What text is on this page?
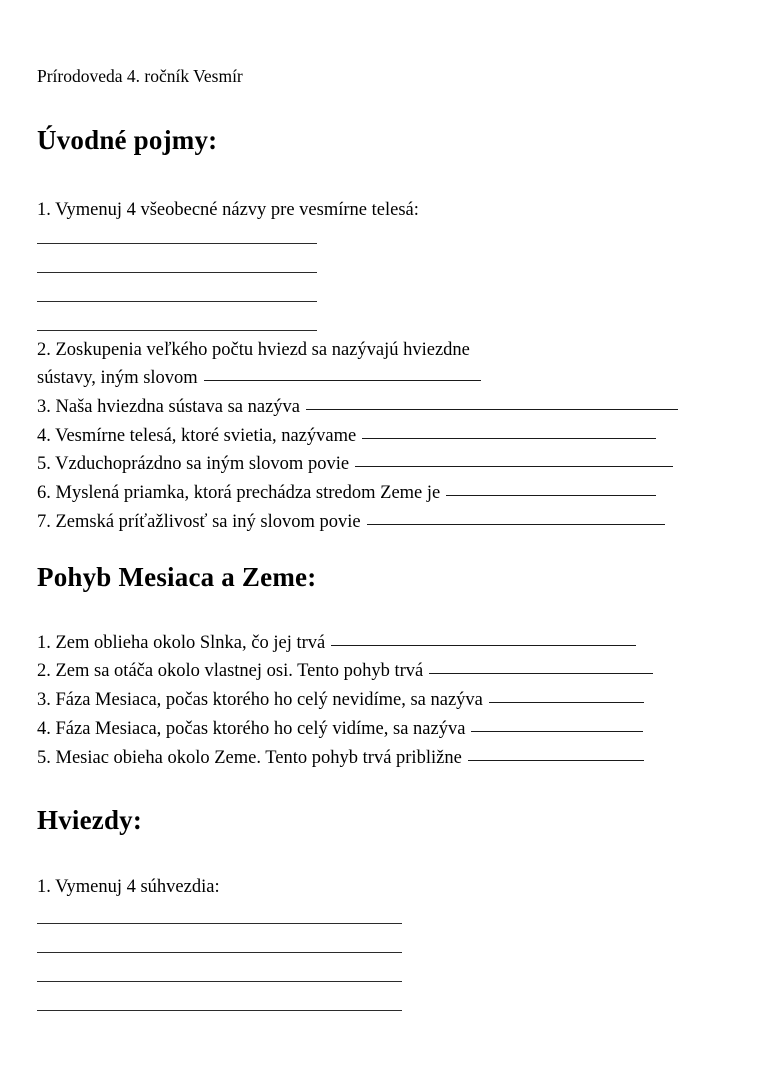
Prírodoveda 4. ročník Vesmír
Úvodné pojmy:
1. Vymenuj 4 všeobecné názvy pre vesmírne telesá:
2. Zoskupenia veľkého počtu hviezd sa nazývajú hviezdne
sústavy, iným slovom
3. Naša hviezdna sústava sa nazýva
4. Vesmírne telesá, ktoré svietia, nazývame
5. Vzduchoprázdno sa iným slovom povie
6. Myslená priamka, ktorá prechádza stredom Zeme je
7. Zemská príťažlivosť sa iný slovom povie
Pohyb Mesiaca a Zeme:
1. Zem oblieha okolo Slnka, čo jej trvá
2. Zem sa otáča okolo vlastnej osi. Tento pohyb trvá
3. Fáza Mesiaca, počas ktorého ho celý nevidíme, sa nazýva
4. Fáza Mesiaca, počas ktorého ho celý vidíme, sa nazýva
5. Mesiac obieha okolo Zeme. Tento pohyb trvá približne
Hviezdy:
1. Vymenuj 4 súhvezdia:
